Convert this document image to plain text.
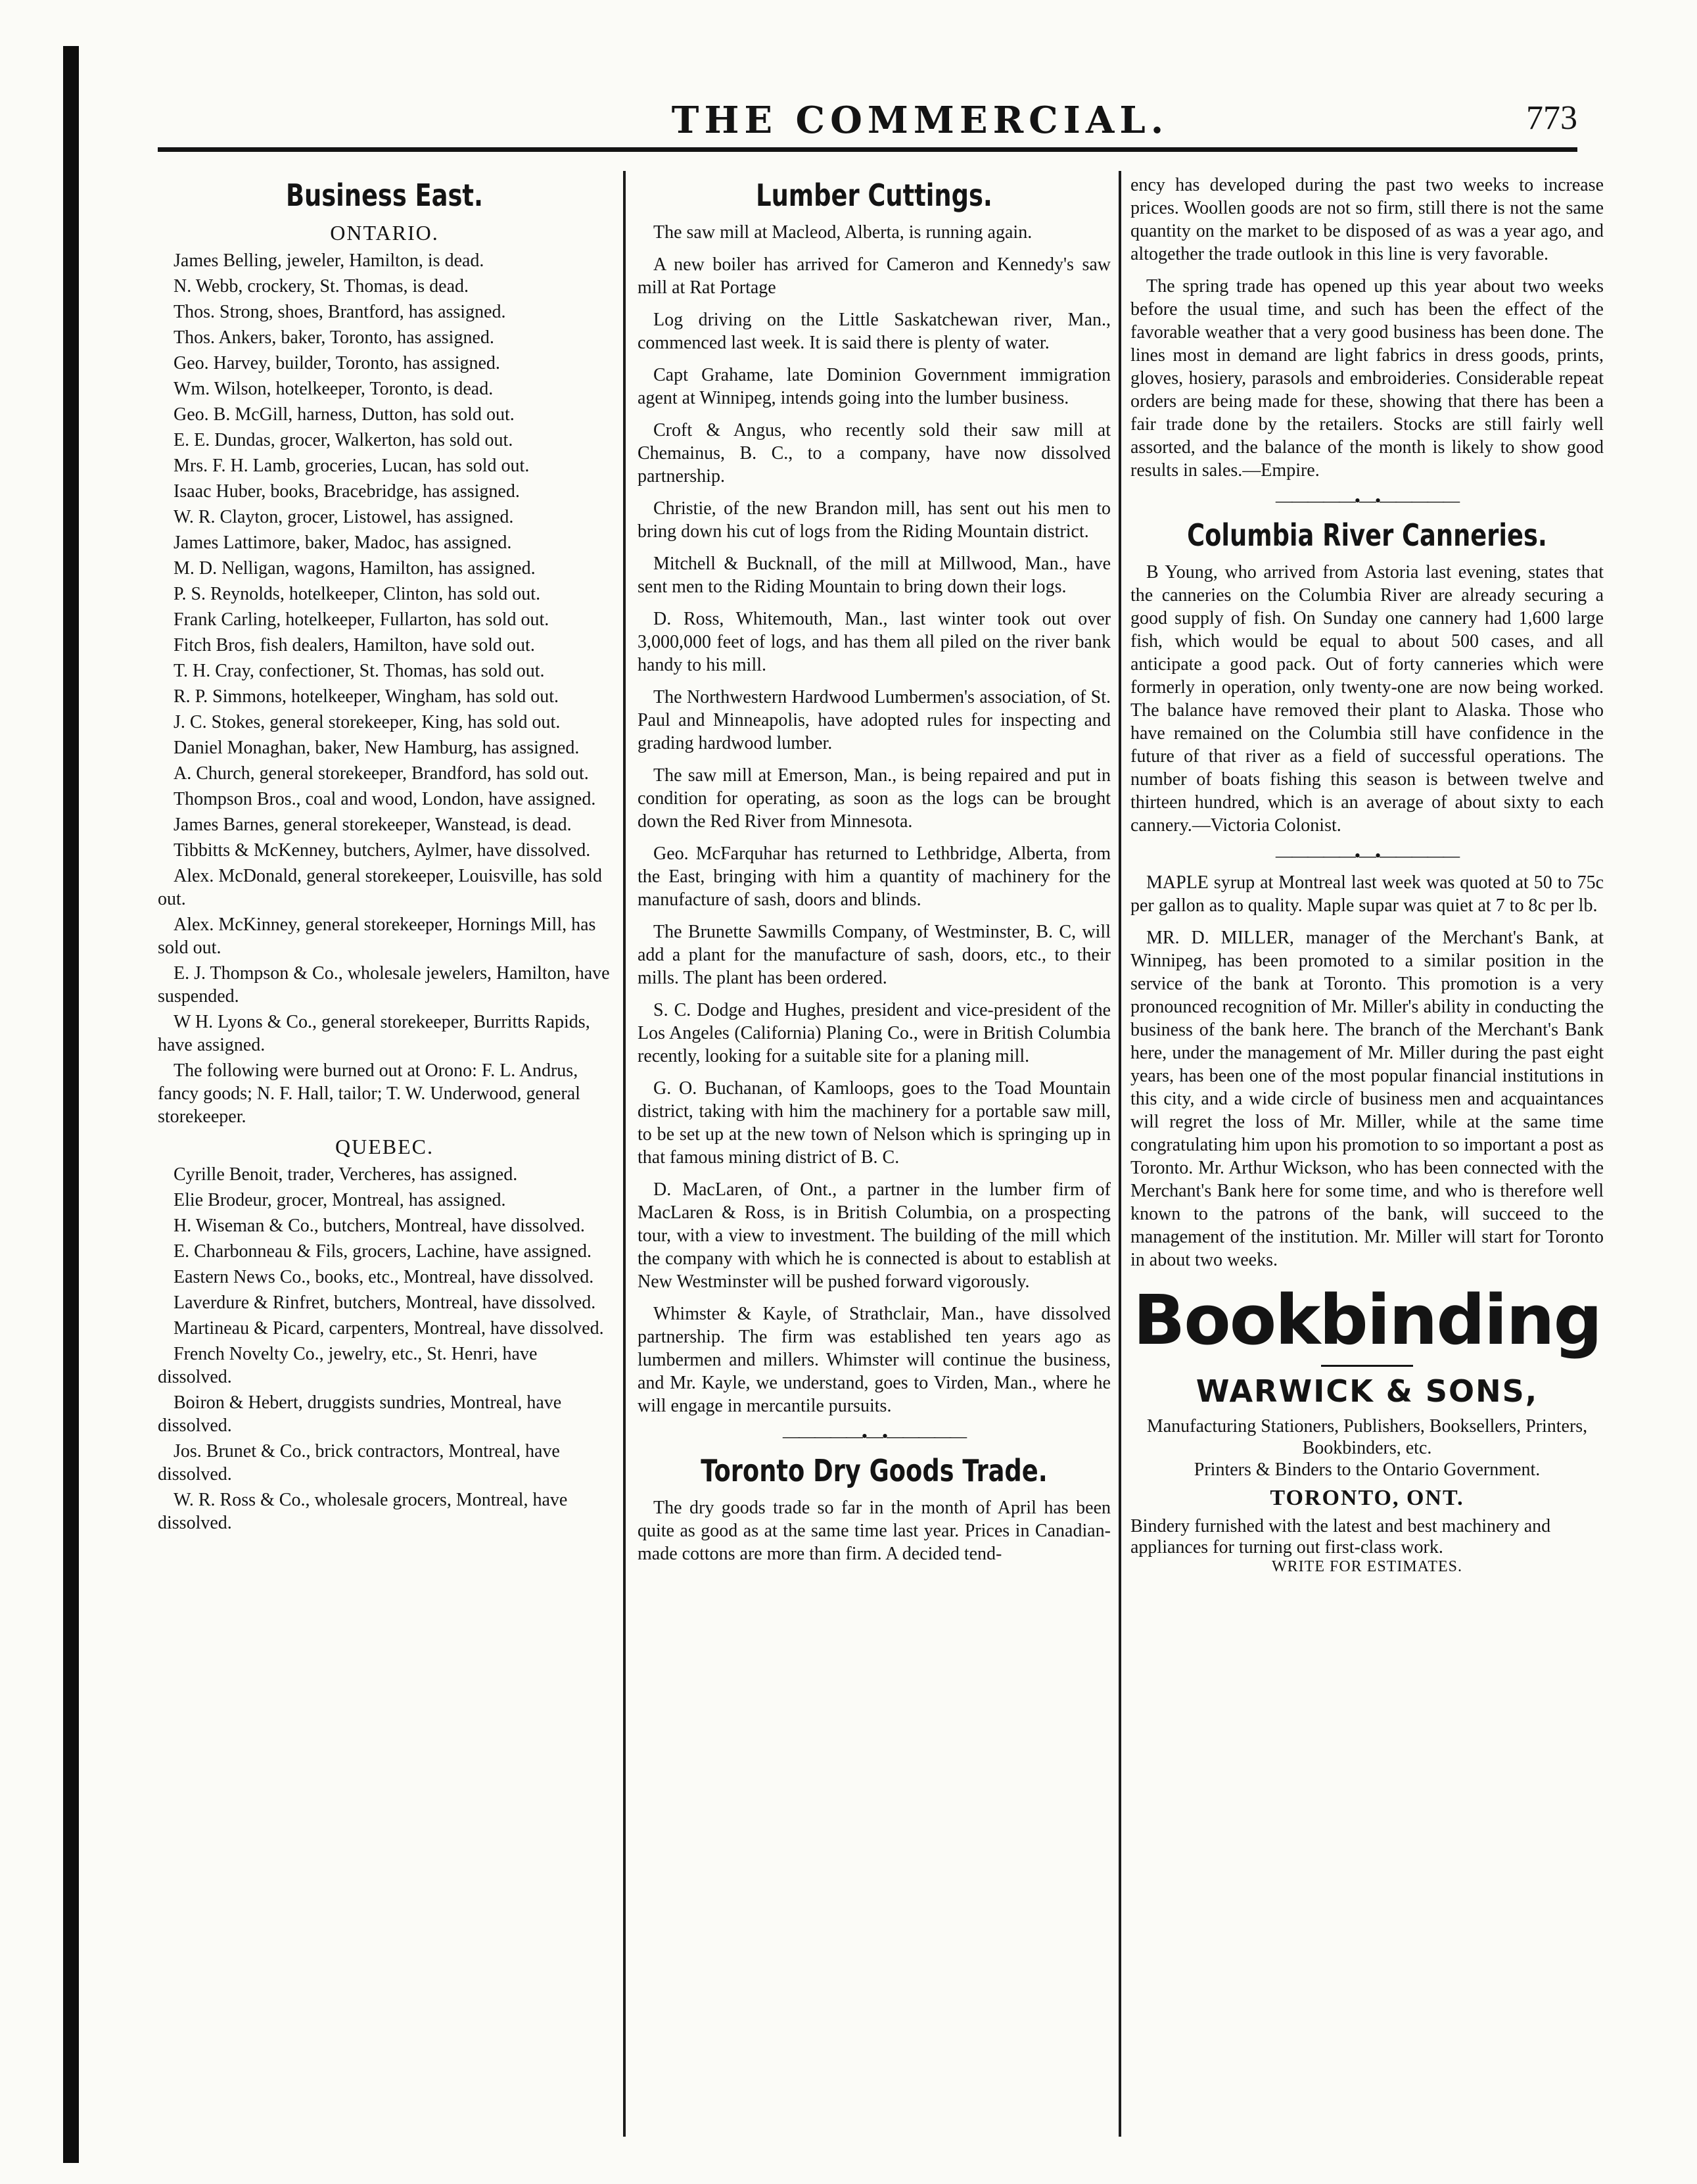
THE COMMERCIAL.	773
Business East.
ONTARIO.

James Belling, jeweler, Hamilton, is dead.

N. Webb, crockery, St. Thomas, is dead.

Thos. Strong, shoes, Brantford, has assigned.

Thos. Ankers, baker, Toronto, has assigned.

Geo. Harvey, builder, Toronto, has assigned.

Wm. Wilson, hotelkeeper, Toronto, is dead.

Geo. B. McGill, harness, Dutton, has sold out.

E. E. Dundas, grocer, Walkerton, has sold out.

Mrs. F. H. Lamb, groceries, Lucan, has sold out.

Isaac Huber, books, Bracebridge, has assigned.

W. R. Clayton, grocer, Listowel, has assigned.

James Lattimore, baker, Madoc, has assigned.

M. D. Nelligan, wagons, Hamilton, has assigned.

P. S. Reynolds, hotelkeeper, Clinton, has sold out.

Frank Carling, hotelkeeper, Fullarton, has sold out.

Fitch Bros, fish dealers, Hamilton, have sold out.

T. H. Cray, confectioner, St. Thomas, has sold out.

R. P. Simmons, hotelkeeper, Wingham, has sold out.

J. C. Stokes, general storekeeper, King, has sold out.

Daniel Monaghan, baker, New Hamburg, has assigned.

A. Church, general storekeeper, Brandford, has sold out.

Thompson Bros., coal and wood, London, have assigned.

James Barnes, general storekeeper, Wanstead, is dead.

Tibbitts & McKenney, butchers, Aylmer, have dissolved.

Alex. McDonald, general storekeeper, Louisville, has sold out.

Alex. McKinney, general storekeeper, Hornings Mill, has sold out.

E. J. Thompson & Co., wholesale jewelers, Hamilton, have suspended.

W H. Lyons & Co., general storekeeper, Burritts Rapids, have assigned.

The following were burned out at Orono: F. L. Andrus, fancy goods; N. F. Hall, tailor; T. W. Underwood, general storekeeper.

QUEBEC.

Cyrille Benoit, trader, Vercheres, has assigned.

Elie Brodeur, grocer, Montreal, has assigned.

H. Wiseman & Co., butchers, Montreal, have dissolved.

E. Charbonneau & Fils, grocers, Lachine, have assigned.

Eastern News Co., books, etc., Montreal, have dissolved.

Laverdure & Rinfret, butchers, Montreal, have dissolved.

Martineau & Picard, carpenters, Montreal, have dissolved.

French Novelty Co., jewelry, etc., St. Henri, have dissolved.

Boiron & Hebert, druggists sundries, Montreal, have dissolved.

Jos. Brunet & Co., brick contractors, Montreal, have dissolved.

W. R. Ross & Co., wholesale grocers, Montreal, have dissolved.

Lumber Cuttings.

The saw mill at Macleod, Alberta, is running again.

A new boiler has arrived for Cameron and Kennedy's saw mill at Rat Portage

Log driving on the Little Saskatchewan river, Man., commenced last week. It is said there is plenty of water.

Capt Grahame, late Dominion Government immigration agent at Winnipeg, intends going into the lumber business.

Croft & Angus, who recently sold their saw mill at Chemainus, B. C., to a company, have now dissolved partnership.

Christie, of the new Brandon mill, has sent out his men to bring down his cut of logs from the Riding Mountain district.

Mitchell & Bucknall, of the mill at Millwood, Man., have sent men to the Riding Mountain to bring down their logs.

D. Ross, Whitemouth, Man., last winter took out over 3,000,000 feet of logs, and has them all piled on the river bank handy to his mill.

The Northwestern Hardwood Lumbermen's association, of St. Paul and Minneapolis, have adopted rules for inspecting and grading hardwood lumber.

The saw mill at Emerson, Man., is being repaired and put in condition for operating, as soon as the logs can be brought down the Red River from Minnesota.

Geo. McFarquhar has returned to Lethbridge, Alberta, from the East, bringing with him a quantity of machinery for the manufacture of sash, doors and blinds.

The Brunette Sawmills Company, of Westminster, B. C, will add a plant for the manufacture of sash, doors, etc., to their mills. The plant has been ordered.

S. C. Dodge and Hughes, president and vice-president of the Los Angeles (California) Planing Co., were in British Columbia recently, looking for a suitable site for a planing mill.

G. O. Buchanan, of Kamloops, goes to the Toad Mountain district, taking with him the machinery for a portable saw mill, to be set up at the new town of Nelson which is springing up in that famous mining district of B. C.

D. MacLaren, of Ont., a partner in the lumber firm of MacLaren & Ross, is in British Columbia, on a prospecting tour, with a view to investment. The building of the mill which the company with which he is connected is about to establish at New Westminster will be pushed forward vigorously.

Whimster & Kayle, of Strathclair, Man., have dissolved partnership. The firm was established ten years ago as lumbermen and millers. Whimster will continue the business, and Mr. Kayle, we understand, goes to Virden, Man., where he will engage in mercantile pursuits.

—————•—•—————
Toronto Dry Goods Trade.

The dry goods trade so far in the month of April has been quite as good as at the same time last year. Prices in Canadian-made cottons are more than firm. A decided tend-

ency has developed during the past two weeks to increase prices. Woollen goods are not so firm, still there is not the same quantity on the market to be disposed of as was a year ago, and altogether the trade outlook in this line is very favorable.

The spring trade has opened up this year about two weeks before the usual time, and such has been the effect of the favorable weather that a very good business has been done. The lines most in demand are light fabrics in dress goods, prints, gloves, hosiery, parasols and embroideries. Considerable repeat orders are being made for these, showing that there has been a fair trade done by the retailers. Stocks are still fairly well assorted, and the balance of the month is likely to show good results in sales.—Empire.

—————•—•—————
Columbia River Canneries.

B Young, who arrived from Astoria last evening, states that the canneries on the Columbia River are already securing a good supply of fish. On Sunday one cannery had 1,600 large fish, which would be equal to about 500 cases, and all anticipate a good pack. Out of forty canneries which were formerly in operation, only twenty-one are now being worked. The balance have removed their plant to Alaska. Those who have remained on the Columbia still have confidence in the future of that river as a field of successful operations. The number of boats fishing this season is between twelve and thirteen hundred, which is an average of about sixty to each cannery.—Victoria Colonist.

—————•—•—————

MAPLE syrup at Montreal last week was quoted at 50 to 75c per gallon as to quality. Maple supar was quiet at 7 to 8c per lb.

MR. D. MILLER, manager of the Merchant's Bank, at Winnipeg, has been promoted to a similar position in the service of the bank at Toronto. This promotion is a very pronounced recognition of Mr. Miller's ability in conducting the business of the bank here. The branch of the Merchant's Bank here, under the management of Mr. Miller during the past eight years, has been one of the most popular financial institutions in this city, and a wide circle of business men and acquaintances will regret the loss of Mr. Miller, while at the same time congratulating him upon his promotion to so important a post as Toronto. Mr. Arthur Wickson, who has been connected with the Merchant's Bank here for some time, and who is therefore well known to the patrons of the bank, will succeed to the management of the institution. Mr. Miller will start for Toronto in about two weeks.

Bookbinding
WARWICK & SONS,
Manufacturing Stationers, Publishers, Booksellers, Printers, Bookbinders, etc.
Printers & Binders to the Ontario Government.
TORONTO, ONT.
Bindery furnished with the latest and best machinery and appliances for turning out first-class work.
WRITE FOR ESTIMATES.
